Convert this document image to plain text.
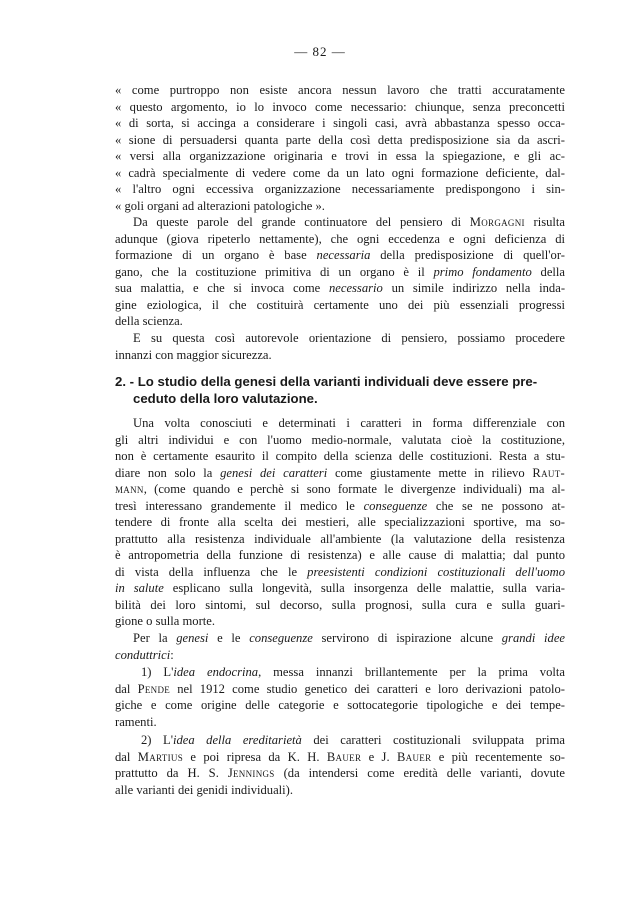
— 82 —
« come purtroppo non esiste ancora nessun lavoro che tratti accuratamente
« questo argomento, io lo invoco come necessario: chiunque, senza preconcetti
« di sorta, si accinga a considerare i singoli casi, avrà abbastanza spesso occa-
« sione di persuadersi quanta parte della così detta predisposizione sia da ascri-
« versi alla organizzazione originaria e trovi in essa la spiegazione, e gli ac-
« cadrà specialmente di vedere come da un lato ogni formazione deficiente, dal-
« l'altro ogni eccessiva organizzazione necessariamente predispongono i sin-
« goli organi ad alterazioni patologiche ».
Da queste parole del grande continuatore del pensiero di Morgagni risulta
adunque (giova ripeterlo nettamente), che ogni eccedenza e ogni deficienza di
formazione di un organo è base necessaria della predisposizione di quell'or-
gano, che la costituzione primitiva di un organo è il primo fondamento della
sua malattia, e che si invoca come necessario un simile indirizzo nella inda-
gine eziologica, il che costituirà certamente uno dei più essenziali progressi
della scienza.
E su questa così autorevole orientazione di pensiero, possiamo procedere
innanzi con maggior sicurezza.
2. - Lo studio della genesi della varianti individuali deve essere pre-
ceduto della loro valutazione.
Una volta conosciuti e determinati i caratteri in forma differenziale con
gli altri individui e con l'uomo medio-normale, valutata cioè la costituzione,
non è certamente esaurito il compito della scienza delle costituzioni. Resta a stu-
diare non solo la genesi dei caratteri come giustamente mette in rilievo Raut-
mann, (come quando e perchè si sono formate le divergenze individuali) ma al-
tresì interessano grandemente il medico le conseguenze che se ne possono at-
tendere di fronte alla scelta dei mestieri, alle specializzazioni sportive, ma so-
prattutto alla resistenza individuale all'ambiente (la valutazione della resistenza
è antropometria della funzione di resistenza) e alle cause di malattia; dal punto
di vista della influenza che le preesistenti condizioni costituzionali dell'uomo
in salute esplicano sulla longevità, sulla insorgenza delle malattie, sulla varia-
bilità dei loro sintomi, sul decorso, sulla prognosi, sulla cura e sulla guari-
gione o sulla morte.
Per la genesi e le conseguenze servirono di ispirazione alcune grandi idee
conduttrici:
1) L'idea endocrina, messa innanzi brillantemente per la prima volta
dal Pende nel 1912 come studio genetico dei caratteri e loro derivazioni patolo-
giche e come origine delle categorie e sottocategorie tipologiche e dei tempe-
ramenti.
2) L'idea della ereditarietà dei caratteri costituzionali sviluppata prima
dal Martius e poi ripresa da K. H. Bauer e J. Bauer e più recentemente so-
prattutto da H. S. Jennings (da intendersi come eredità delle varianti, dovute
alle varianti dei genidi individuali).
